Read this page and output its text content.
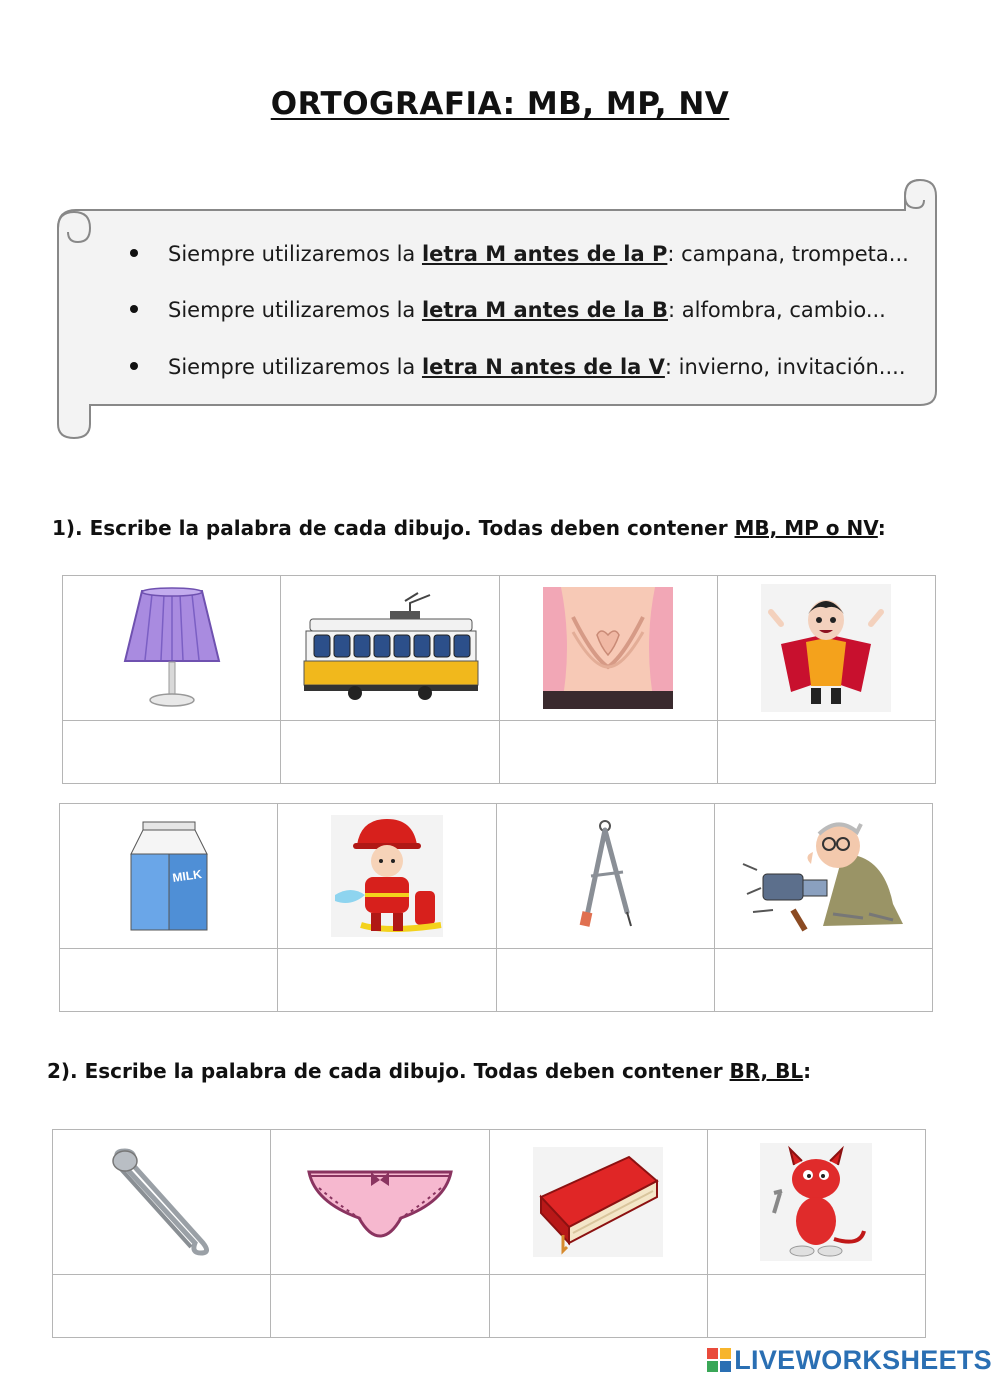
ORTOGRAFIA: MB, MP, NV
Siempre utilizaremos la letra M antes de la P: campana, trompeta...
Siempre utilizaremos la letra M antes de la B: alfombra, cambio...
Siempre utilizaremos la letra N antes de la V: invierno, invitación....
1). Escribe la palabra de cada dibujo. Todas deben contener MB, MP o NV:

MILK

2). Escribe la palabra de cada dibujo. Todas deben contener BR, BL:

LIVEWORKSHEETS
